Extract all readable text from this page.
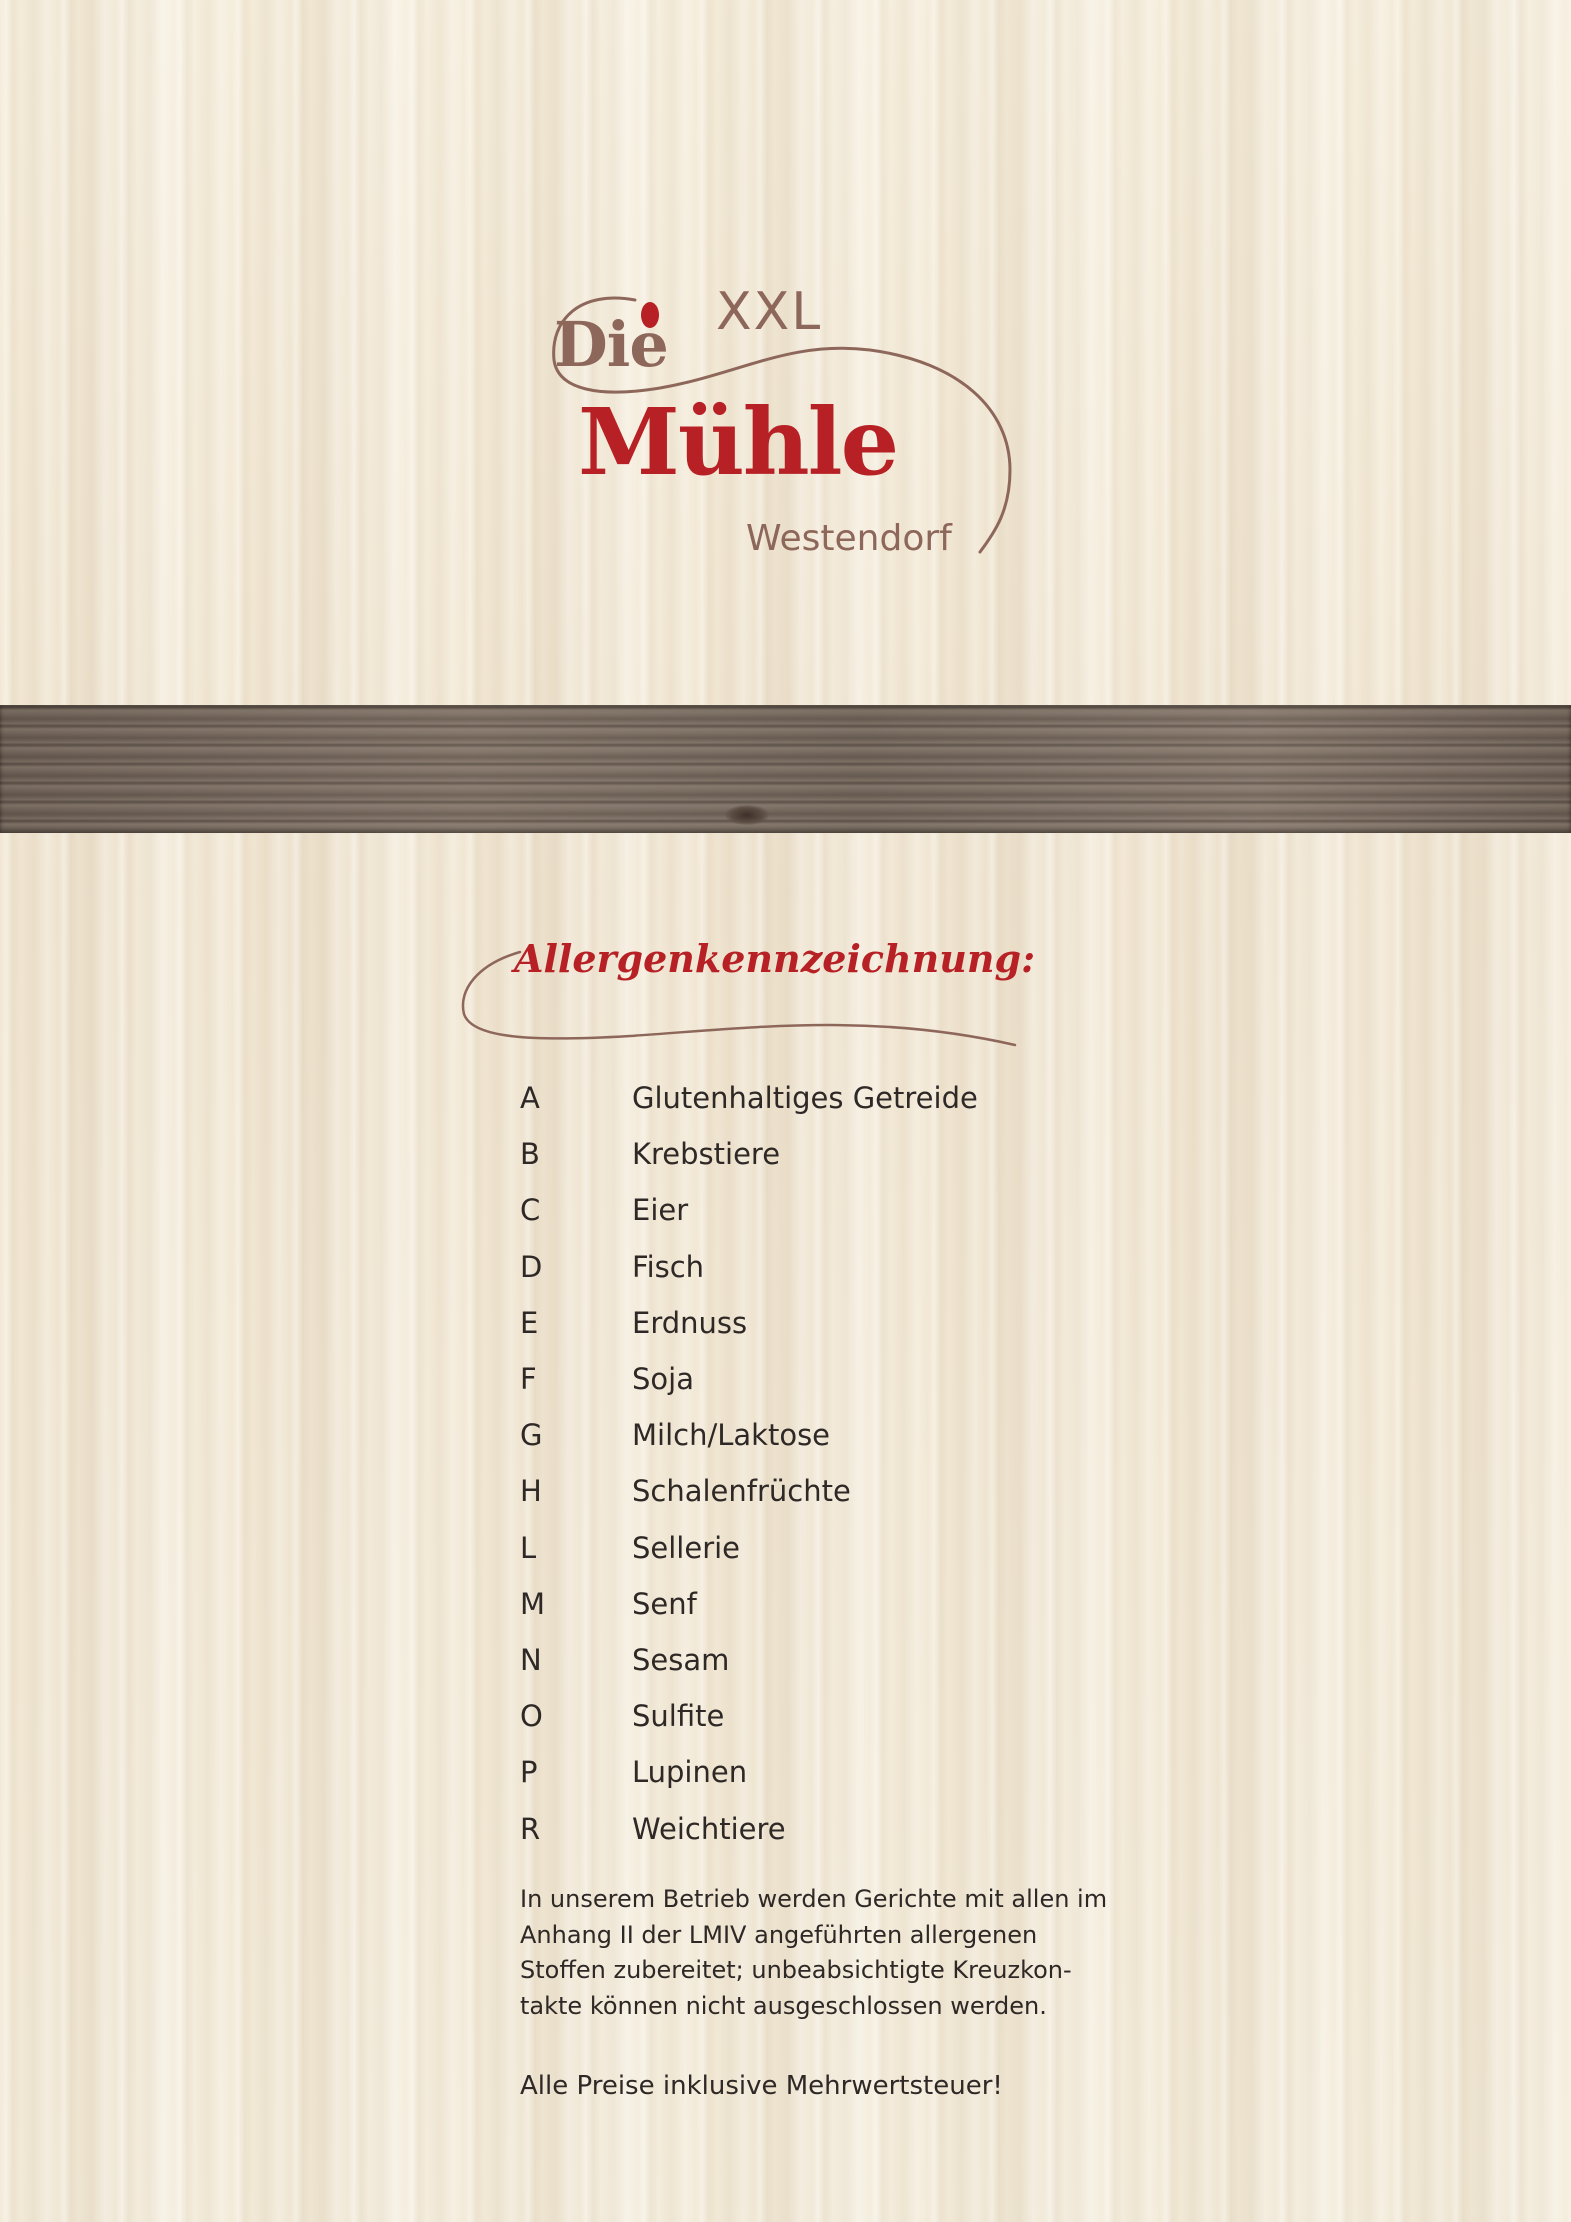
Die XXL
Mühle
Westendorf
Allergenkennzeichnung:
A	Glutenhaltiges Getreide
B	Krebstiere
C	Eier
D	Fisch
E	Erdnuss
F	Soja
G	Milch/Laktose
H	Schalenfrüchte
L	Sellerie
M	Senf
N	Sesam
O	Sulfite
P	Lupinen
R	Weichtiere

In unserem Betrieb werden Gerichte mit allen im
Anhang II der LMIV angeführten allergenen
Stoffen zubereitet; unbeabsichtigte Kreuzkon-
takte können nicht ausgeschlossen werden.

Alle Preise inklusive Mehrwertsteuer!
